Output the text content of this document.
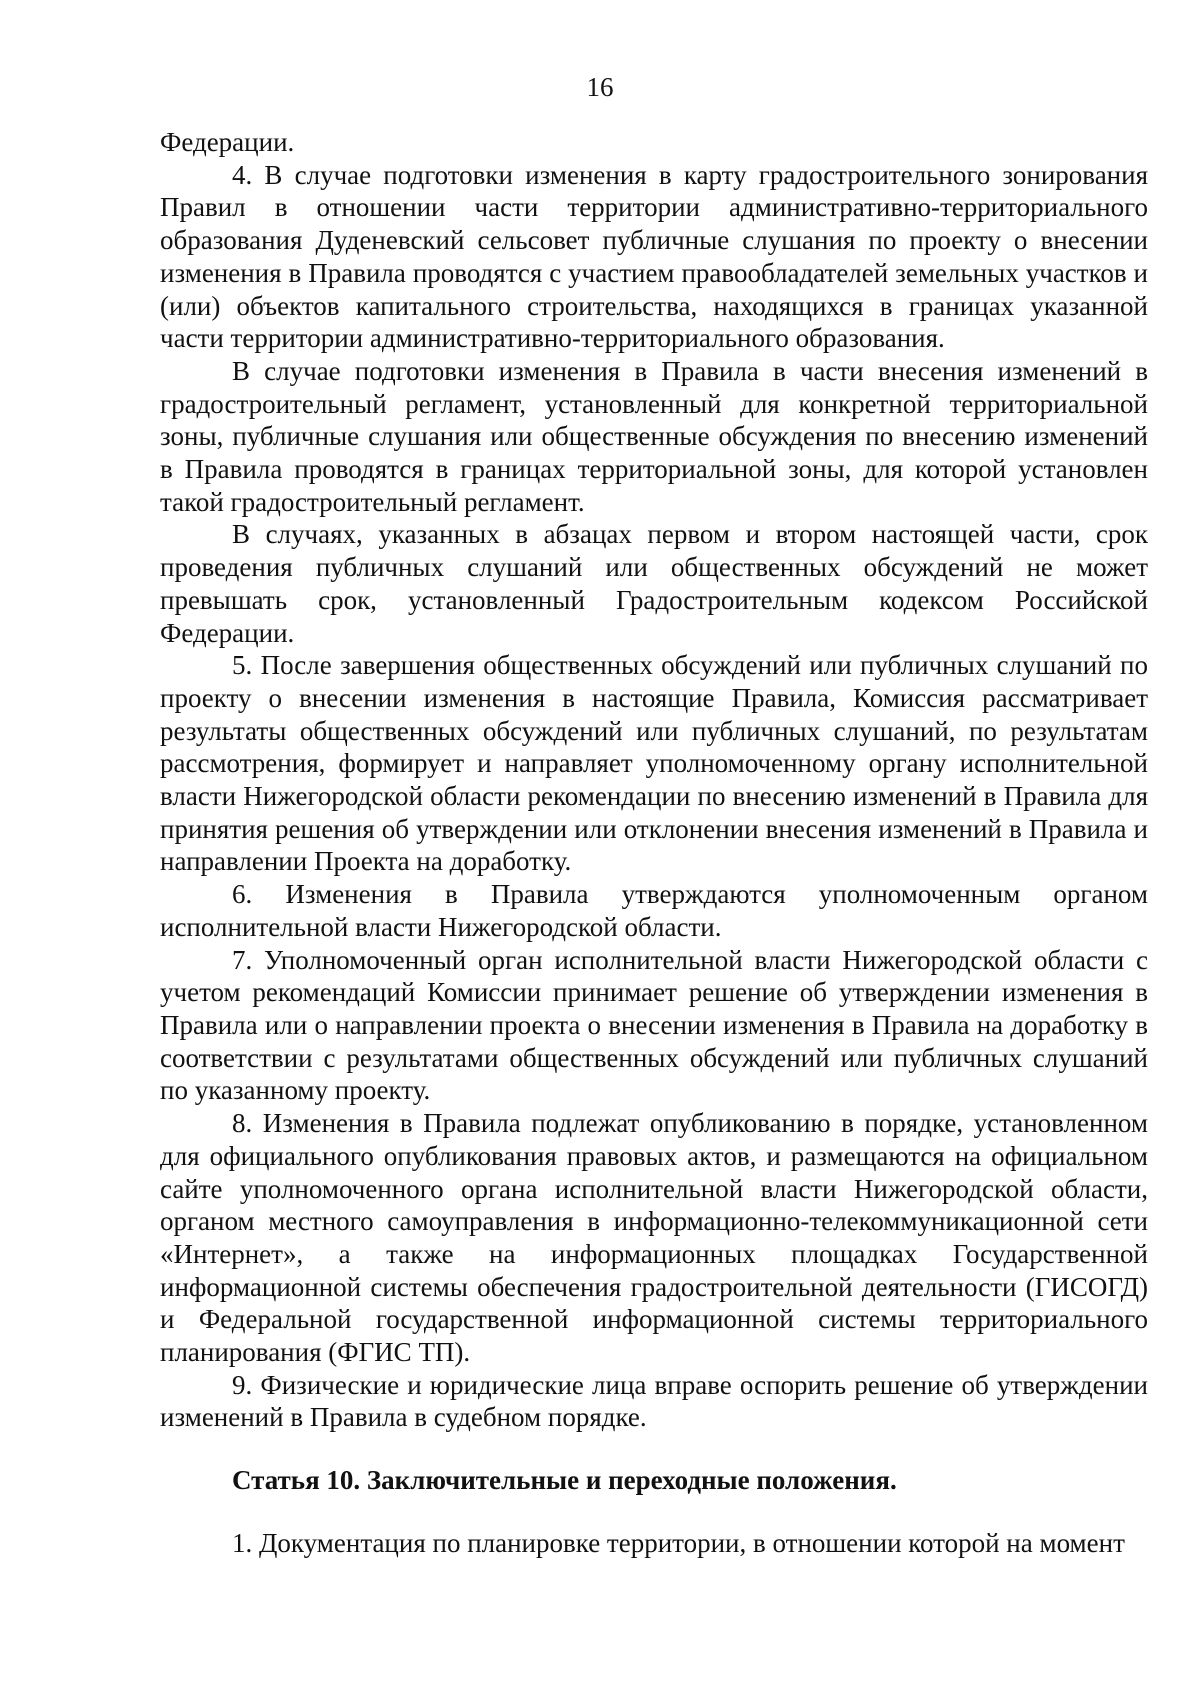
16

Федерации.

4. В случае подготовки изменения в карту градостроительного зонирования Правил в отношении части территории административно-территориального образования Дуденевский сельсовет публичные слушания по проекту о внесении изменения в Правила проводятся с участием правообладателей земельных участков и (или) объектов капитального строительства, находящихся в границах указанной части территории административно-территориального образования.

В случае подготовки изменения в Правила в части внесения изменений в градостроительный регламент, установленный для конкретной территориальной зоны, публичные слушания или общественные обсуждения по внесению изменений в Правила проводятся в границах территориальной зоны, для которой установлен такой градостроительный регламент.

В случаях, указанных в абзацах первом и втором настоящей части, срок проведения публичных слушаний или общественных обсуждений не может превышать срок, установленный Градостроительным кодексом Российской Федерации.

5. После завершения общественных обсуждений или публичных слушаний по проекту о внесении изменения в настоящие Правила, Комиссия рассматривает результаты общественных обсуждений или публичных слушаний, по результатам рассмотрения, формирует и направляет уполномоченному органу исполнительной власти Нижегородской области рекомендации по внесению изменений в Правила для принятия решения об утверждении или отклонении внесения изменений в Правила и направлении Проекта на доработку.

6. Изменения в Правила утверждаются уполномоченным органом исполнительной власти Нижегородской области.

7. Уполномоченный орган исполнительной власти Нижегородской области с учетом рекомендаций Комиссии принимает решение об утверждении изменения в Правила или о направлении проекта о внесении изменения в Правила на доработку в соответствии с результатами общественных обсуждений или публичных слушаний по указанному проекту.

8. Изменения в Правила подлежат опубликованию в порядке, установленном для официального опубликования правовых актов, и размещаются на официальном сайте уполномоченного органа исполнительной власти Нижегородской области, органом местного самоуправления в информационно-телекоммуникационной сети «Интернет», а также на информационных площадках Государственной информационной системы обеспечения градостроительной деятельности (ГИСОГД) и Федеральной государственной информационной системы территориального планирования (ФГИС ТП).

9. Физические и юридические лица вправе оспорить решение об утверждении изменений в Правила в судебном порядке.

Статья 10. Заключительные и переходные положения.

1. Документация по планировке территории, в отношении которой на момент
